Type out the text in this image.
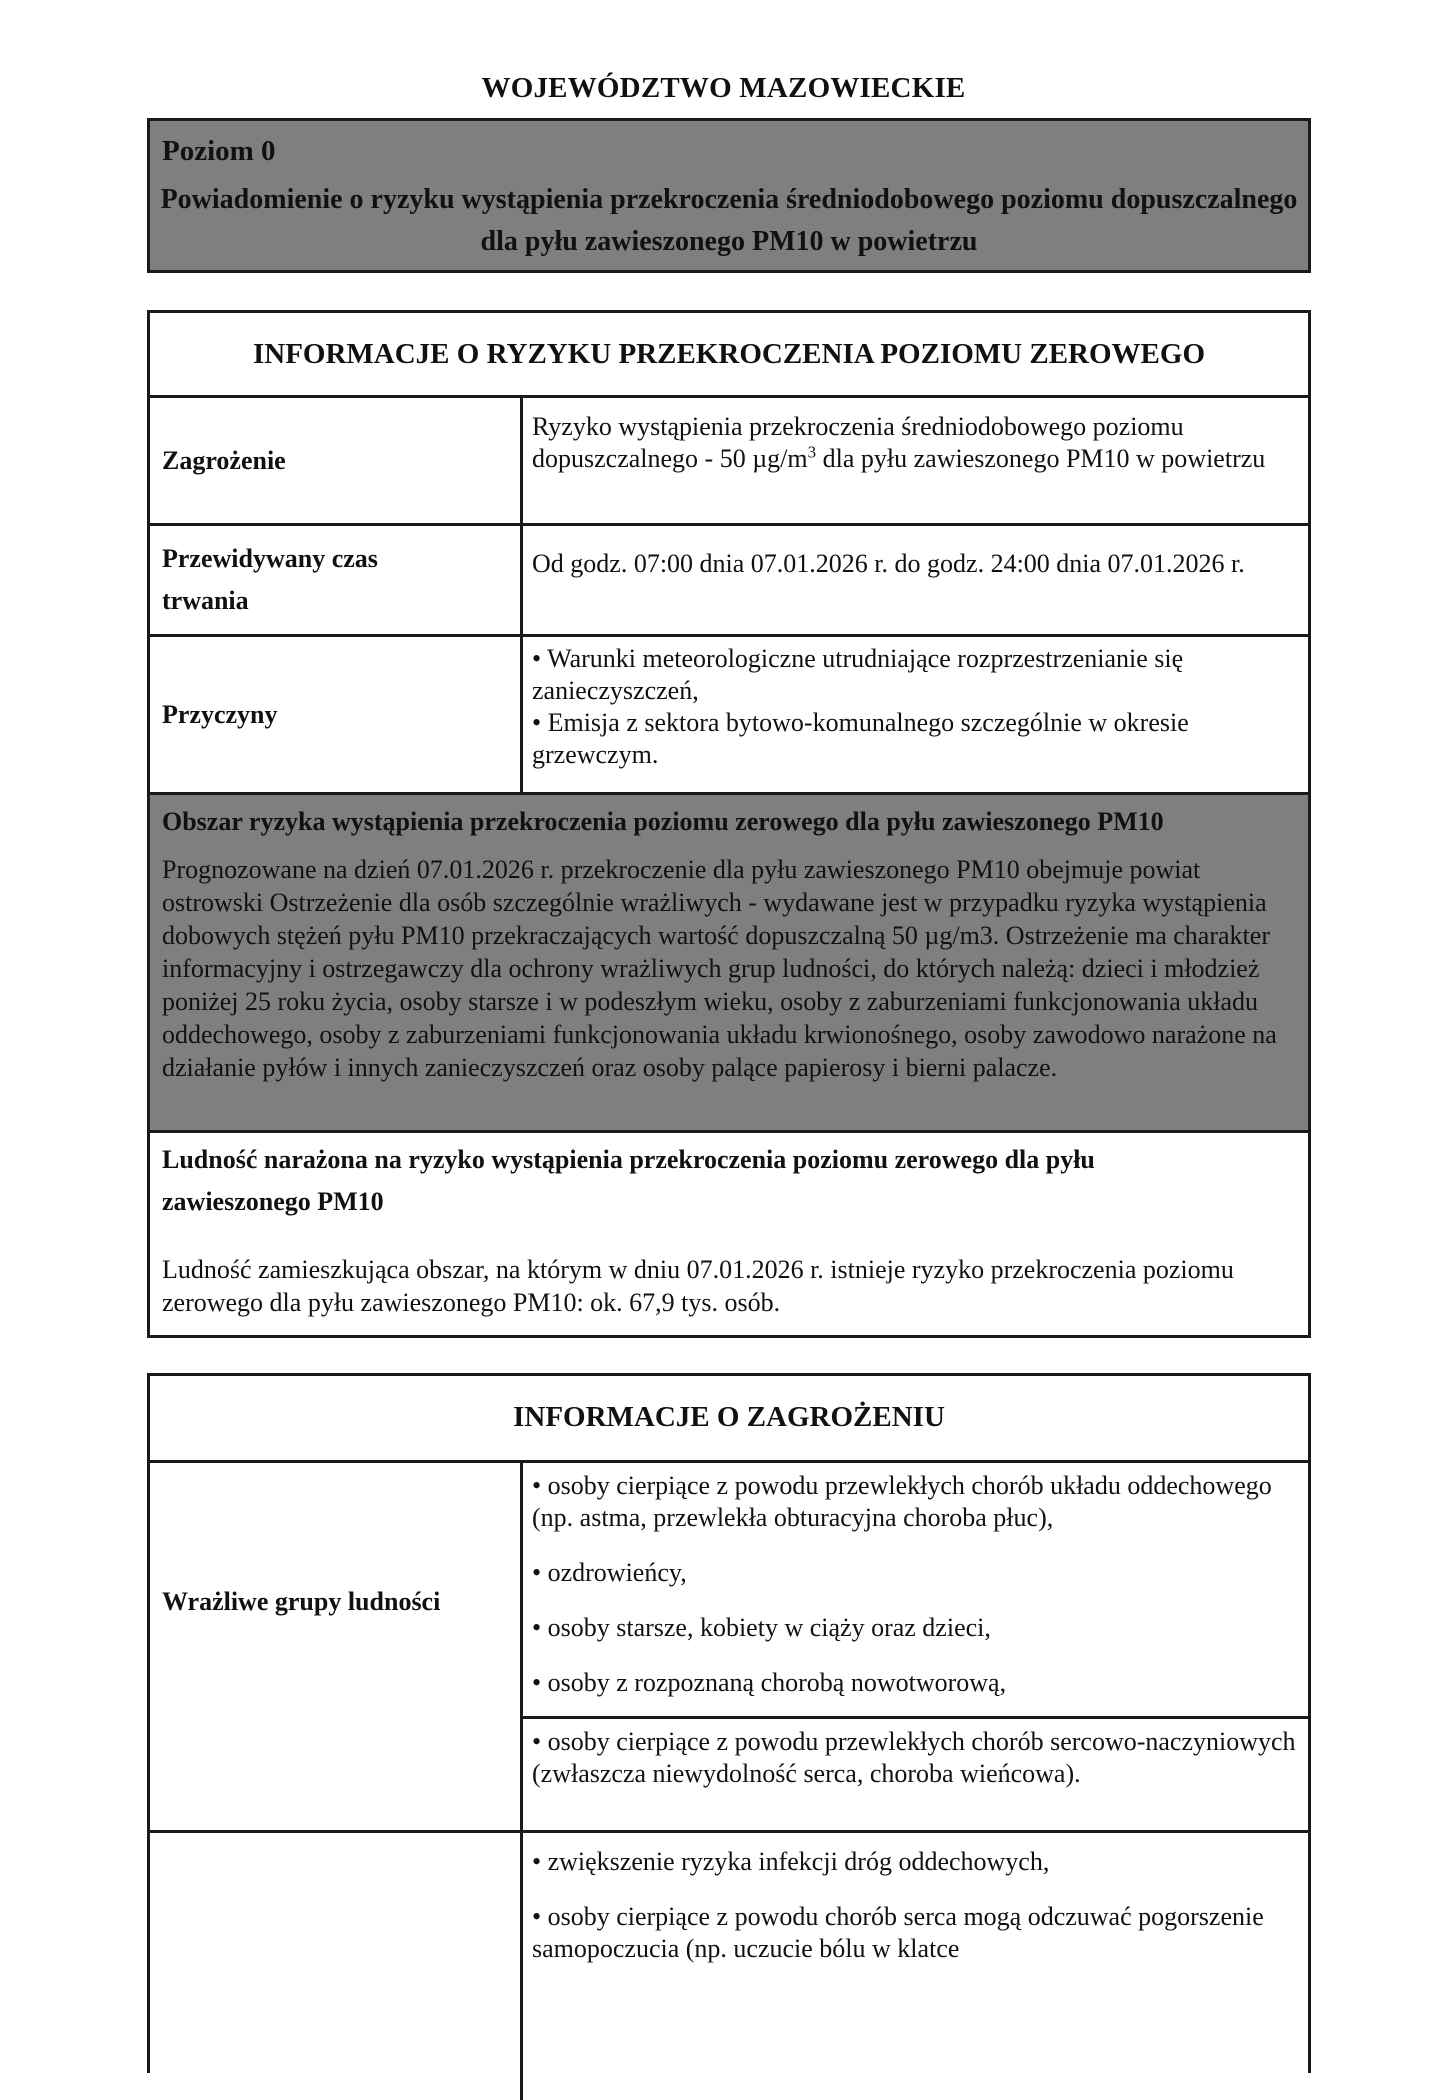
WOJEWÓDZTWO MAZOWIECKIE
Poziom 0
Powiadomienie o ryzyku wystąpienia przekroczenia średniodobowego poziomu dopuszczalnego dla pyłu zawieszonego PM10 w powietrzu
INFORMACJE O RYZYKU PRZEKROCZENIA POZIOMU ZEROWEGO
Zagrożenie
Ryzyko wystąpienia przekroczenia średniodobowego poziomu dopuszczalnego - 50 $\mu g/m^3$ dla pyłu zawieszonego PM10 w powietrzu
Przewidywany czas
trwania
Od godz. 07:00 dnia 07.01.2026 r. do godz. 24:00 dnia 07.01.2026 r.
Przyczyny
• Warunki meteorologiczne utrudniające rozprzestrzenianie się zanieczyszczeń,
• Emisja z sektora bytowo-komunalnego szczególnie w okresie grzewczym.
Obszar ryzyka wystąpienia przekroczenia poziomu zerowego dla pyłu zawieszonego PM10
Prognozowane na dzień 07.01.2026 r. przekroczenie dla pyłu zawieszonego PM10 obejmuje powiat ostrowski Ostrzeżenie dla osób szczególnie wrażliwych - wydawane jest w przypadku ryzyka wystąpienia dobowych stężeń pyłu PM10 przekraczających wartość dopuszczalną 50 µg/m3. Ostrzeżenie ma charakter informacyjny i ostrzegawczy dla ochrony wrażliwych grup ludności, do których należą: dzieci i młodzież poniżej 25 roku życia, osoby starsze i w podeszłym wieku, osoby z zaburzeniami funkcjonowania układu oddechowego, osoby z zaburzeniami funkcjonowania układu krwionośnego, osoby zawodowo narażone na działanie pyłów i innych zanieczyszczeń oraz osoby palące papierosy i bierni palacze.
Ludność narażona na ryzyko wystąpienia przekroczenia poziomu zerowego dla pyłu zawieszonego PM10
Ludność zamieszkująca obszar, na którym w dniu 07.01.2026 r. istnieje ryzyko przekroczenia poziomu zerowego dla pyłu zawieszonego PM10: ok. 67,9 tys. osób.
INFORMACJE O ZAGROŻENIU
Wrażliwe grupy ludności
• osoby cierpiące z powodu przewlekłych chorób układu oddechowego (np. astma, przewlekła obturacyjna choroba płuc),
• ozdrowieńcy,
• osoby starsze, kobiety w ciąży oraz dzieci,
• osoby z rozpoznaną chorobą nowotworową,
• osoby cierpiące z powodu przewlekłych chorób sercowo-naczyniowych (zwłaszcza niewydolność serca, choroba wieńcowa).
• zwiększenie ryzyka infekcji dróg oddechowych,
• osoby cierpiące z powodu chorób serca mogą odczuwać pogorszenie samopoczucia (np. uczucie bólu w klatce
